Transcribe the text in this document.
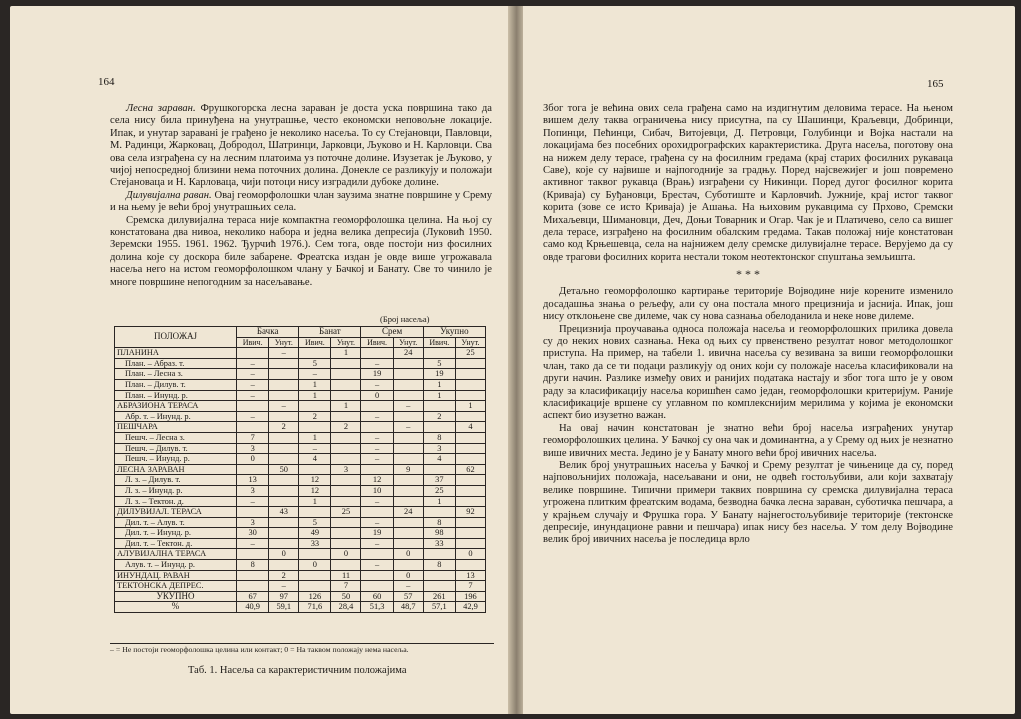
164

Лесна зараван. Фрушкогорска лесна зараван је доста уска површина тако да села нису била принуђена на унутрашње, често економски неповољне локације. Ипак, и унутар зараванi је грађено је неколико насеља. То су Стејановци, Павловци, М. Радинци, Жарковац, Добродол, Шатринци, Јарковци, Љуково и Н. Карловци. Сва ова села изграђена су на лесним платоима уз поточне долине. Изузетак је Љуково, у чијој непосредној близини нема поточних долина. Донекле се разликују и положаји Стејановаца и Н. Карловаца, чији потоци нису изградили дубоке долине.

Дилувијална раван. Овај геоморфолошки члан заузима знатне површине у Срему и на њему је већи број унутрашњих села.

Сремска дилувијална тераса није компактна геоморфолошка целина. На њој су констатована два нивоа, неколико набора и једна велика депресија (Луковић 1950. Зеремски 1955. 1961. 1962. Ђурчић 1976.). Сем тога, овде постоји низ фосилних долина које су доскора биле забарене. Фреатска издан је овде више угрожавала насеља него на истом геоморфолошком члану у Бачкој и Банату. Све то чинило је многе површине непогодним за насељавање.

(Број насеља)
ПОЛОЖАЈ	Бачка		Банат		Срем		Укупно	
	Ивич.	Унут.	Ивич.	Унут.	Ивич.	Унут.	Ивич.	Унут.
ПЛАНИНА		–		1		24		25
План. – Абраз. т.	–		5		–		5	
План. – Лесна з.	–		–		19		19	
План. – Дилув. т.	–		1		–		1	
План. – Инунд. р.	–		1		0		1	
АБРАЗИОНА ТЕРАСА		–		1		–		1
Абр. т. – Инунд. р.	–		2		–		2	
ПЕШЧАРА		2		2		–		4
Пешч. – Лесна з.	7		1		–		8	
Пешч. – Дилув. т.	3		–		–		3	
Пешч. – Инунд. р.	0		4		–		4	
ЛЕСНА ЗАРАВАН		50		3		9		62
Л. з. – Дилув. т.	13		12		12		37	
Л. з. – Инунд. р.	3		12		10		25	
Л. з. – Тектон. д.	–		1		–		1	
ДИЛУВИЈАЛ. ТЕРАСА		43		25		24		92
Дил. т. – Алув. т.	3		5		–		8	
Дил. т. – Инунд. р.	30		49		19		98	
Дил. т. – Тектон. д.	–		33		–		33	
АЛУВИЈАЛНА ТЕРАСА		0		0		0		0
Алув. т. – Инунд. р.	8		0		–		8	
ИНУНДАЦ. РАВАН		2		11		0		13
ТЕКТОНСКА ДЕПРЕС.		–		7		–		7
УКУПНО	67	97	126	50	60	57	261	196
%	40,9	59,1	71,6	28,4	51,3	48,7	57,1	42,9
– = Не постоји геоморфолошка целина или контакт; 0 = На таквом положају нема насеља.
Таб. 1. Насеља са карактеристичним положајима
165

Због тога је већина ових села грађена само на издигнутим деловима терасе. На њеном вишем делу таква ограничења нису присутна, па су Шашинци, Краљевци, Добринци, Попинци, Пећинци, Сибач, Витојевци, Д. Петровци, Голубинци и Војка настали на локацијама без посебних орохидрографских карактеристика. Друга насеља, поготову она на нижем делу терасе, грађена су на фосилним гредама (крај старих фосилних рукаваца Саве), које су највише и најпогодније за градњу. Поред најсвежијег и још повремено активног таквог рукавца (Врањ) изграђени су Никинци. Поред дугог фосилног корита (Кривајa) су Буђановци, Брестач, Суботиште и Карловчић. Јужније, крај истог таквог корита (зове се исто Кривајa) је Ашања. На њиховим рукавцима су Прхово, Сремски Михаљевци, Шимановци, Деч, Доњи Товарник и Огар. Чак је и Платичево, село са вишег дела терасе, изграђено на фосилним обалским гредама. Такав положај није констатован само код Крњешевца, села на најнижем делу сремске дилувијалне терасе. Верујемо да су овде трагови фосилних корита нестали током неотектонског спуштања земљишта.

* * *

Детаљно геоморфолошко картирање територије Војводине није корените изменило досадашња знања о рељефу, али су она постала много прецизнија и јаснија. Ипак, још нису отклоњене све дилеме, чак су нова сазнања обелоданила и неке нове дилеме.

Прецизнија проучавања односа положаја насеља и геоморфолошких прилика довела су до неких нових сазнања. Нека од њих су првенствено резултат новог методолошког приступа. На пример, на табели 1. ивична насеља су везивана за виши геоморфолошки члан, тако да се ти подаци разликују од оних који су положаје насеља класификовали на други начин. Разлике између ових и ранијих података настају и због тога што је у овом раду за класификацију насеља коришћен само један, геоморфолошки критеријум. Раније класификације вршене су углавном по комплекснијим мерилима у којима је економски аспект био изузетно важан.

На овај начин констатован је знатно већи број насеља изграђених унутар геоморфолошких целина. У Бачкој су она чак и доминантна, а у Срему од њих је незнатно више ивичних места. Једино је у Банату много већи број ивичних насеља.

Велик број унутрашњих насеља у Бачкој и Срему резултат је чињенице да су, поред најповољнијих положаја, насељавани и они, не одвећ гостољубиви, али који захватају велике површине. Типични примери таквих површина су сремска дилувијална тераса угрожена плитким фреатским водама, безводна бачка лесна зараван, суботичка пешчара, а у крајњем случају и Фрушка гора. У Банату најнегостољубивије територије (тектонске депресије, инундационе равни и пешчара) ипак нису без насеља. У том делу Војводине велик број ивичних насеља је последица врло
